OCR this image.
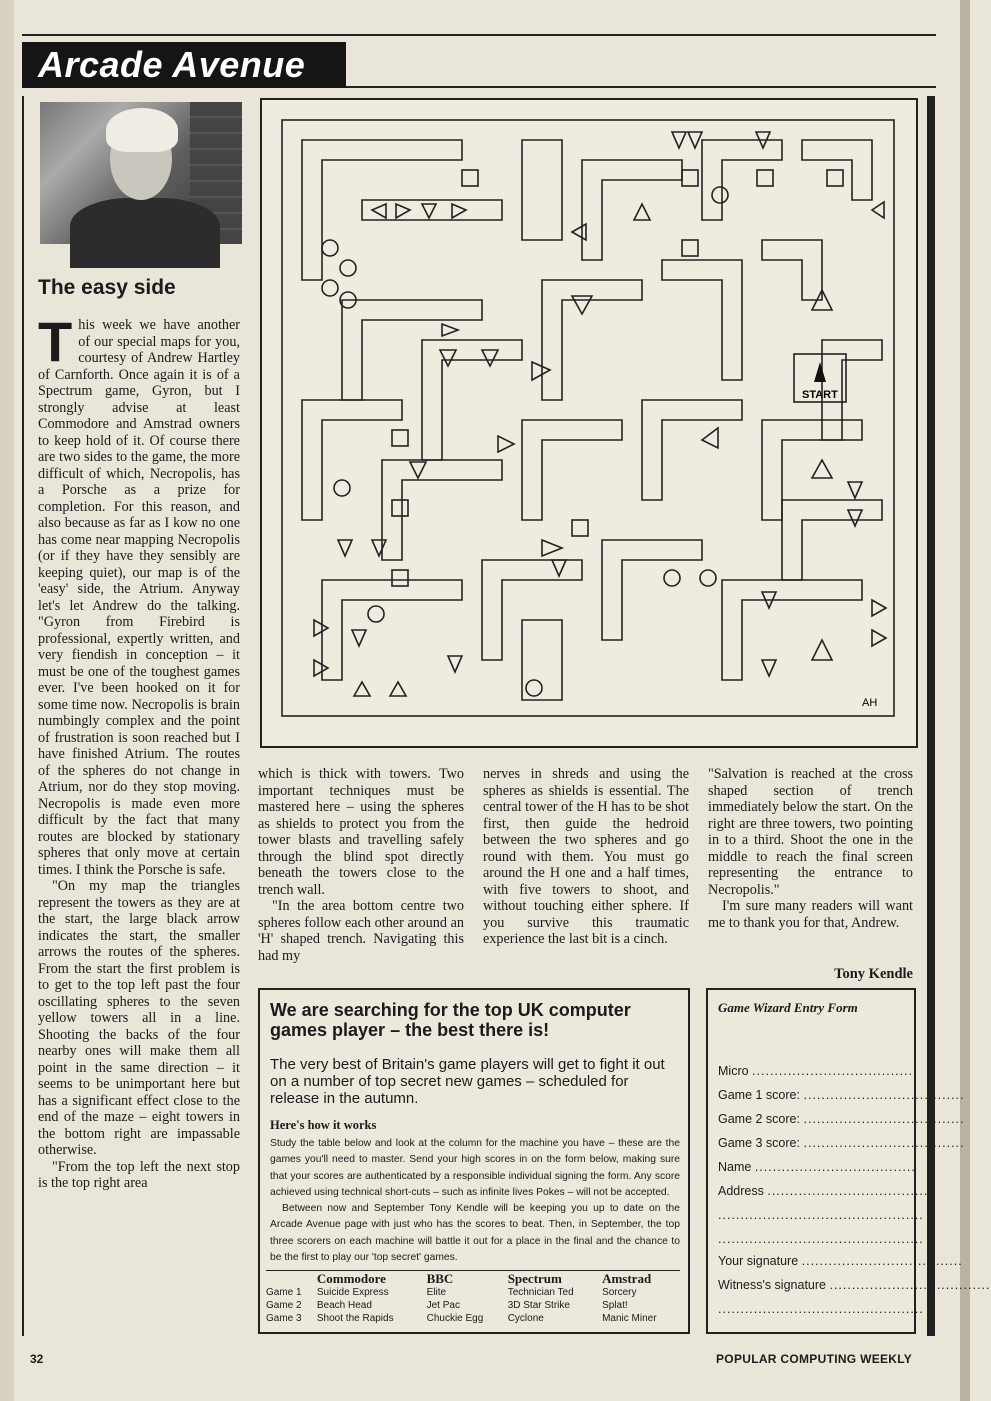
Arcade Avenue
The easy side
T his week we have another of our special maps for you, courtesy of Andrew Hartley of Carnforth. Once again it is of a Spectrum game, Gyron, but I strongly advise at least Commodore and Amstrad owners to keep hold of it. Of course there are two sides to the game, the more difficult of which, Necropolis, has a Porsche as a prize for completion. For this reason, and also because as far as I kow no one has come near mapping Necropolis (or if they have they sensibly are keeping quiet), our map is of the 'easy' side, the Atrium. Anyway let's let Andrew do the talking. "Gyron from Firebird is professional, expertly written, and very fiendish in conception – it must be one of the toughest games ever. I've been hooked on it for some time now. Necropolis is brain numbingly complex and the point of frustration is soon reached but I have finished Atrium. The routes of the spheres do not change in Atrium, nor do they stop moving. Necropolis is made even more difficult by the fact that many routes are blocked by stationary spheres that only move at certain times. I think the Porsche is safe.

"On my map the triangles represent the towers as they are at the start, the large black arrow indicates the start, the smaller arrows the routes of the spheres. From the start the first problem is to get to the top left past the four oscillating spheres to the seven yellow towers all in a line. Shooting the backs of the four nearby ones will make them all point in the same direction – it seems to be unimportant here but has a significant effect close to the end of the maze – eight towers in the bottom right are impassable otherwise.

"From the top left the next stop is the top right area

START
AH

which is thick with towers. Two important techniques must be mastered here – using the spheres as shields to protect you from the tower blasts and travelling safely through the blind spot directly beneath the towers close to the trench wall.

"In the area bottom centre two spheres follow each other around an 'H' shaped trench. Navigating this had my

nerves in shreds and using the spheres as shields is essential. The central tower of the H has to be shot first, then guide the hedroid between the two spheres and go round with them. You must go around the H one and a half times, with five towers to shoot, and without touching either sphere. If you survive this traumatic experience the last bit is a cinch.

"Salvation is reached at the cross shaped section of trench immediately below the start. On the right are three towers, two pointing in to a third. Shoot the one in the middle to reach the final screen representing the entrance to Necropolis."

I'm sure many readers will want me to thank you for that, Andrew.

Tony Kendle
We are searching for the top UK computer games player – the best there is!
The very best of Britain's game players will get to fight it out on a number of top secret new games – scheduled for release in the autumn.
Here's how it works

Study the table below and look at the column for the machine you have – these are the games you'll need to master. Send your high scores in on the form below, making sure that your scores are authenticated by a responsible individual signing the form. Any score achieved using technical short-cuts – such as infinite lives Pokes – will not be accepted.

Between now and September Tony Kendle will be keeping you up to date on the Arcade Avenue page with just who has the scores to beat. Then, in September, the top three scorers on each machine will battle it out for a place in the final and the chance to be the first to play our 'top secret' games.

	Commodore	BBC	Spectrum	Amstrad
Game 1	Suicide Express	Elite	Technician Ted	Sorcery
Game 2	Beach Head	Jet Pac	3D Star Strike	Splat!
Game 3	Shoot the Rapids	Chuckie Egg	Cyclone	Manic Miner
Game Wizard Entry Form
Micro ....................................
Game 1 score: ....................................
Game 2 score: ....................................
Game 3 score: ....................................
Name ....................................
Address ....................................
..............................................
..............................................
Your signature ....................................
Witness's signature ....................................
..............................................
32	POPULAR COMPUTING WEEKLY
